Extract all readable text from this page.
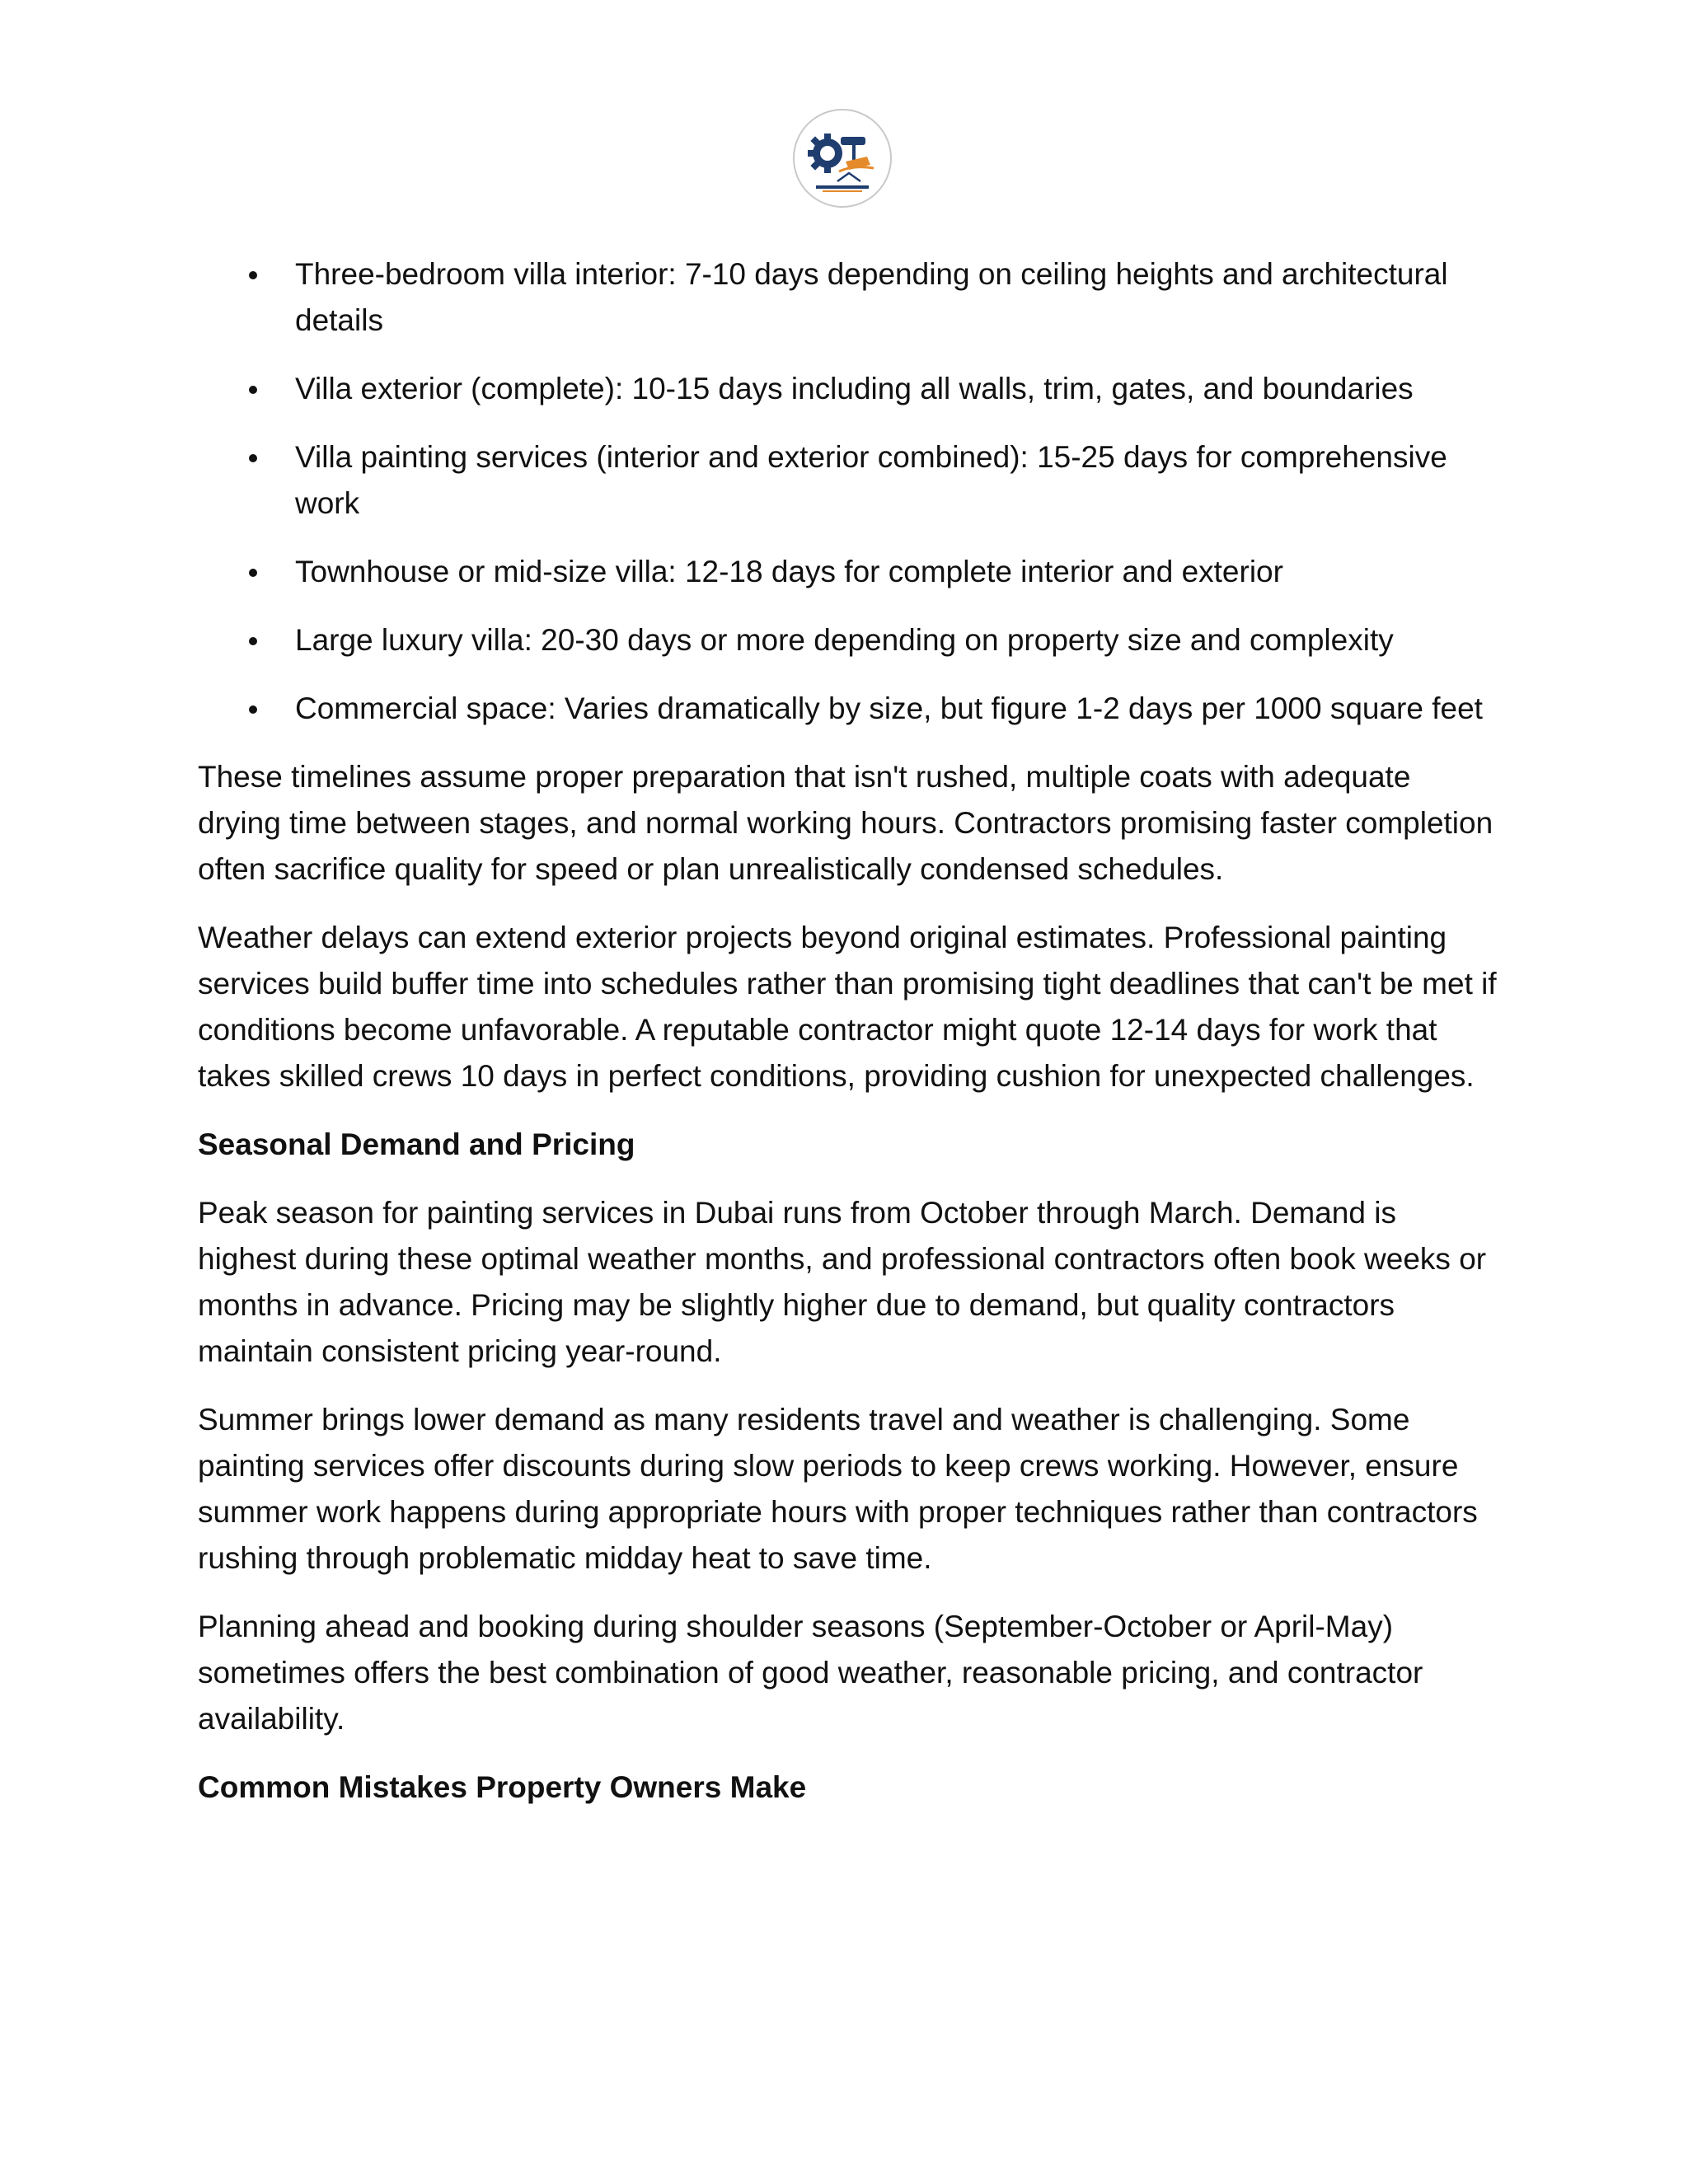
Three-bedroom villa interior: 7-10 days depending on ceiling heights and architectural details
Villa exterior (complete): 10-15 days including all walls, trim, gates, and boundaries
Villa painting services (interior and exterior combined): 15-25 days for comprehensive work
Townhouse or mid-size villa: 12-18 days for complete interior and exterior
Large luxury villa: 20-30 days or more depending on property size and complexity
Commercial space: Varies dramatically by size, but figure 1-2 days per 1000 square feet

These timelines assume proper preparation that isn't rushed, multiple coats with adequate drying time between stages, and normal working hours. Contractors promising faster completion often sacrifice quality for speed or plan unrealistically condensed schedules.

Weather delays can extend exterior projects beyond original estimates. Professional painting services build buffer time into schedules rather than promising tight deadlines that can't be met if conditions become unfavorable. A reputable contractor might quote 12-14 days for work that takes skilled crews 10 days in perfect conditions, providing cushion for unexpected challenges.

Seasonal Demand and Pricing

Peak season for painting services in Dubai runs from October through March. Demand is highest during these optimal weather months, and professional contractors often book weeks or months in advance. Pricing may be slightly higher due to demand, but quality contractors maintain consistent pricing year-round.

Summer brings lower demand as many residents travel and weather is challenging. Some painting services offer discounts during slow periods to keep crews working. However, ensure summer work happens during appropriate hours with proper techniques rather than contractors rushing through problematic midday heat to save time.

Planning ahead and booking during shoulder seasons (September-October or April-May) sometimes offers the best combination of good weather, reasonable pricing, and contractor availability.

Common Mistakes Property Owners Make
